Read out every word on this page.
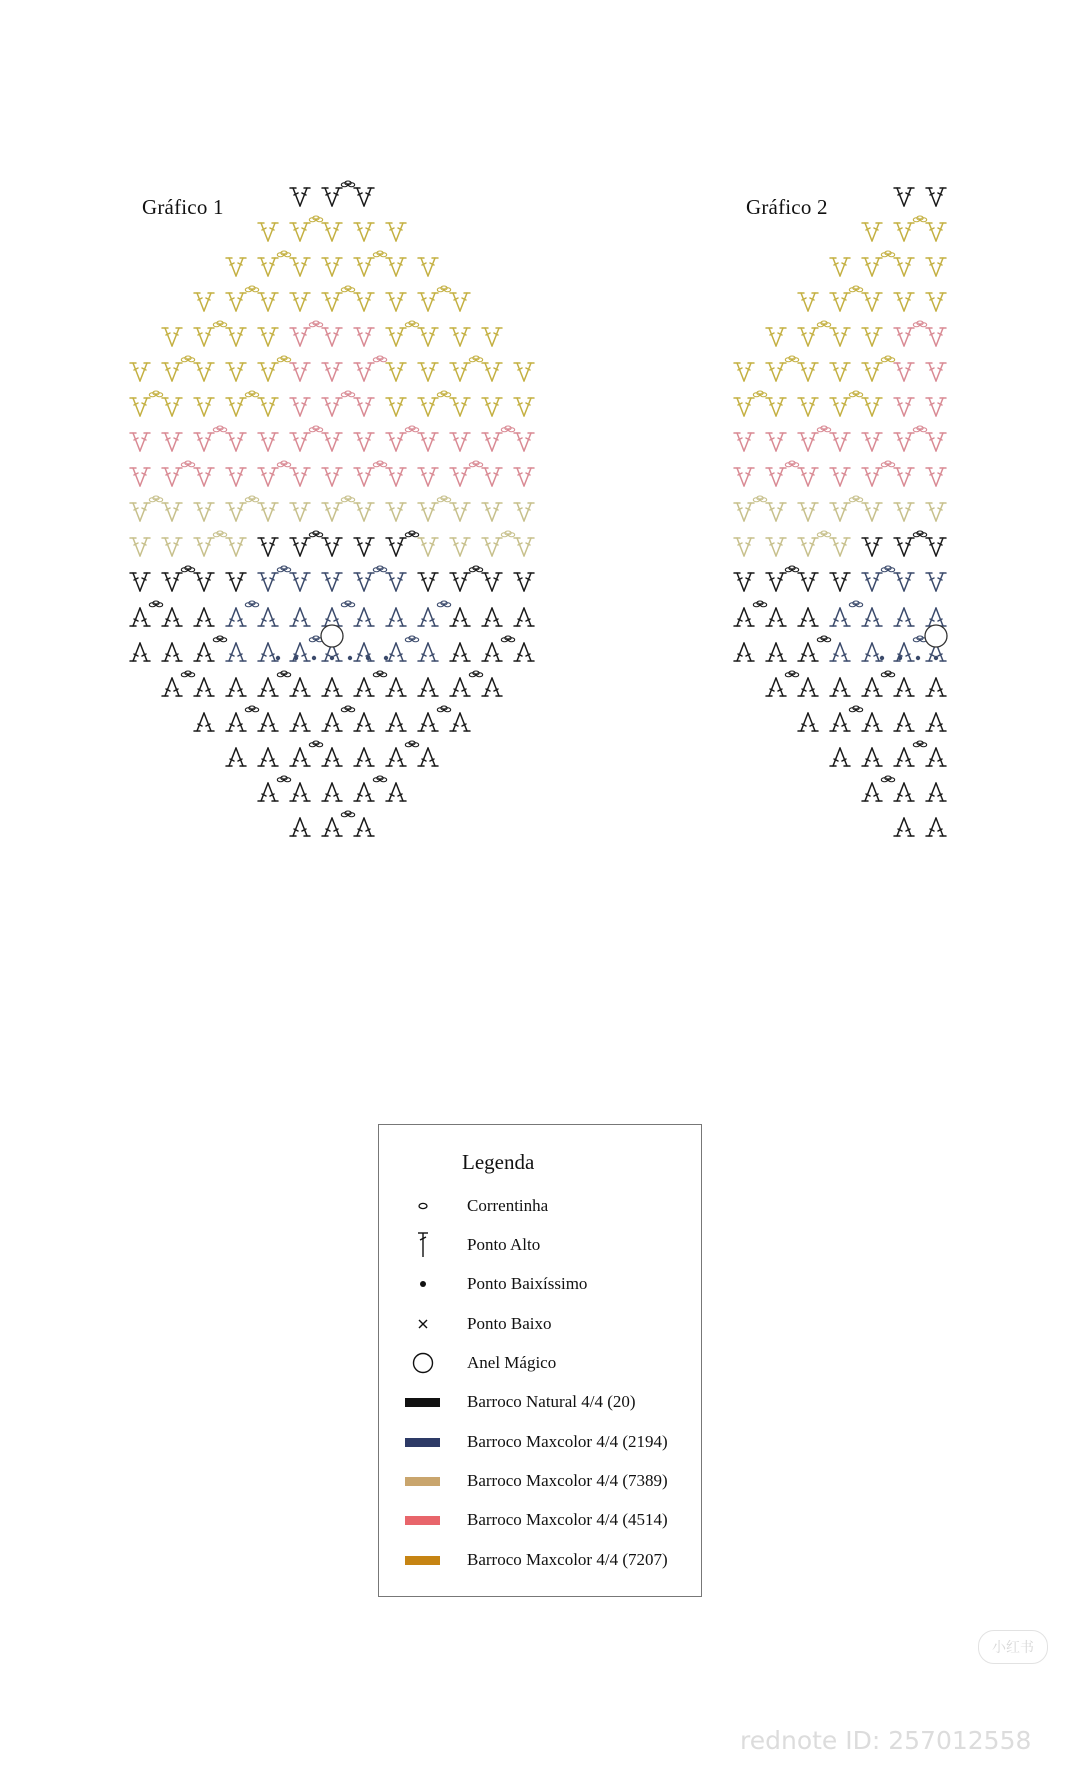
Gráfico 1	Gráfico 2
Legenda
Correntinha
Ponto Alto
Ponto Baixíssimo
Ponto Baixo
Anel Mágico
Barroco Natural 4/4 (20)
Barroco Maxcolor 4/4 (2194)
Barroco Maxcolor 4/4 (7389)
Barroco Maxcolor 4/4 (4514)
Barroco Maxcolor 4/4 (7207)
小红书
rednote ID: 257012558
